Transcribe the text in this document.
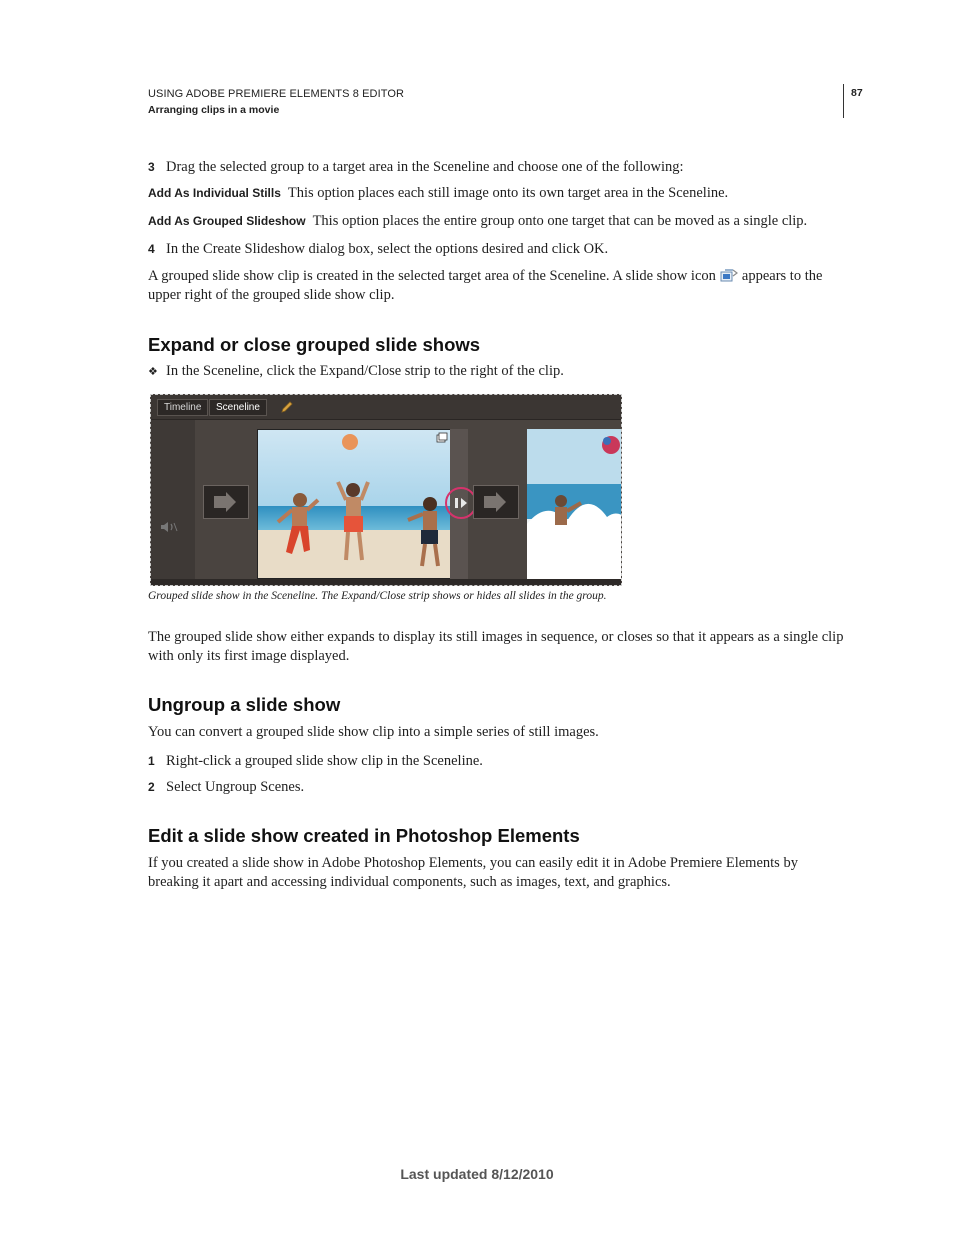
USING ADOBE PREMIERE ELEMENTS 8 EDITOR
Arranging clips in a movie
87
3 Drag the selected group to a target area in the Sceneline and choose one of the following:
Add As Individual Stills This option places each still image onto its own target area in the Sceneline.
Add As Grouped Slideshow This option places the entire group onto one target that can be moved as a single clip.
4 In the Create Slideshow dialog box, select the options desired and click OK.
A grouped slide show clip is created in the selected target area of the Sceneline. A slide show icon appears to the
upper right of the grouped slide show clip.
Expand or close grouped slide shows
❖ In the Sceneline, click the Expand/Close strip to the right of the clip.
Timeline	Sceneline
Grouped slide show in the Sceneline. The Expand/Close strip shows or hides all slides in the group.
The grouped slide show either expands to display its still images in sequence, or closes so that it appears as a single clip
with only its first image displayed.
Ungroup a slide show
You can convert a grouped slide show clip into a simple series of still images.
1 Right-click a grouped slide show clip in the Sceneline.
2 Select Ungroup Scenes.
Edit a slide show created in Photoshop Elements
If you created a slide show in Adobe Photoshop Elements, you can easily edit it in Adobe Premiere Elements by
breaking it apart and accessing individual components, such as images, text, and graphics.
Last updated 8/12/2010
